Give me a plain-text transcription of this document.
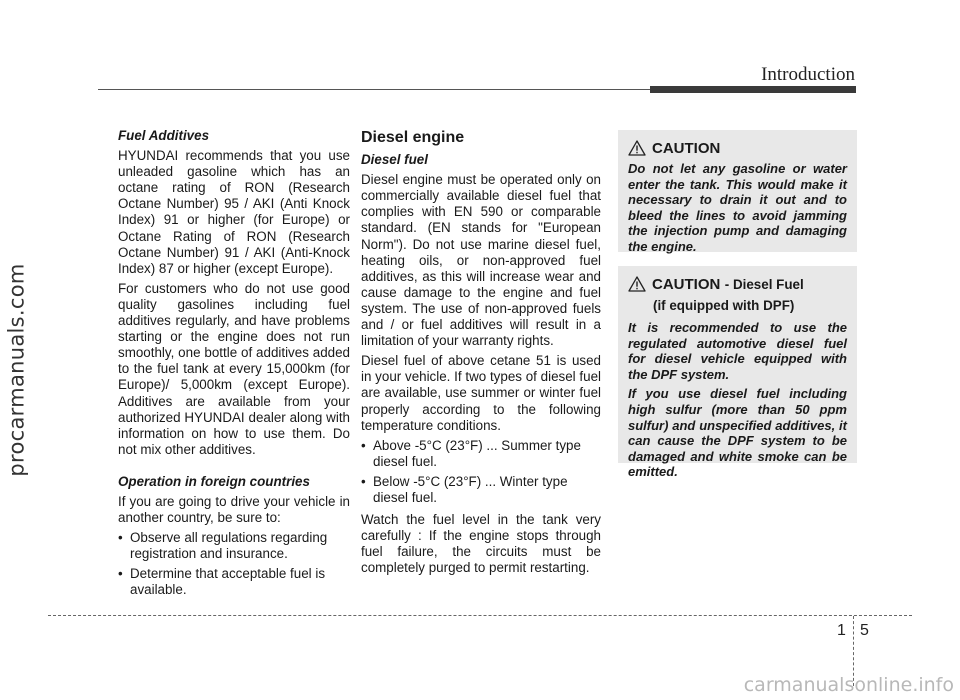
procarmanuals.com
Introduction
Fuel Additives

HYUNDAI recommends that you use unleaded gasoline which has an octane rating of RON (Research Octane Number) 95 / AKI (Anti Knock Index) 91 or higher (for Europe) or Octane Rating of RON (Research Octane Number) 91 / AKI (Anti-Knock Index) 87 or higher (except Europe).

For customers who do not use good quality gasolines including fuel additives regularly, and have problems starting or the engine does not run smoothly, one bottle of additives added to the fuel tank at every 15,000km (for Europe)/ 5,000km (except Europe). Additives are available from your authorized HYUNDAI dealer along with information on how to use them. Do not mix other additives.

Operation in foreign countries

If you are going to drive your vehicle in another country, be sure to:

• Observe all regulations regarding registration and insurance.
• Determine that acceptable fuel is available.
Diesel engine
Diesel fuel

Diesel engine must be operated only on commercially available diesel fuel that complies with EN 590 or comparable standard. (EN stands for "European Norm"). Do not use marine diesel fuel, heating oils, or non-approved fuel additives, as this will increase wear and cause damage to the engine and fuel system. The use of non-approved fuels and / or fuel additives will result in a limitation of your warranty rights.

Diesel fuel of above cetane 51 is used in your vehicle. If two types of diesel fuel are available, use summer or winter fuel properly according to the following temperature conditions.

• Above -5°C (23°F) ... Summer type diesel fuel.
• Below -5°C (23°F) ... Winter type diesel fuel.

Watch the fuel level in the tank very carefully : If the engine stops through fuel failure, the circuits must be completely purged to permit restarting.

CAUTION

Do not let any gasoline or water enter the tank. This would make it necessary to drain it out and to bleed the lines to avoid jamming the injection pump and damaging the engine.

CAUTION - Diesel Fuel
(if equipped with DPF)

It is recommended to use the regulated automotive diesel fuel for diesel vehicle equipped with the DPF system.

If you use diesel fuel including high sulfur (more than 50 ppm sulfur) and unspecified additives, it can cause the DPF system to be damaged and white smoke can be emitted.

1 5
carmanualsonline.info
